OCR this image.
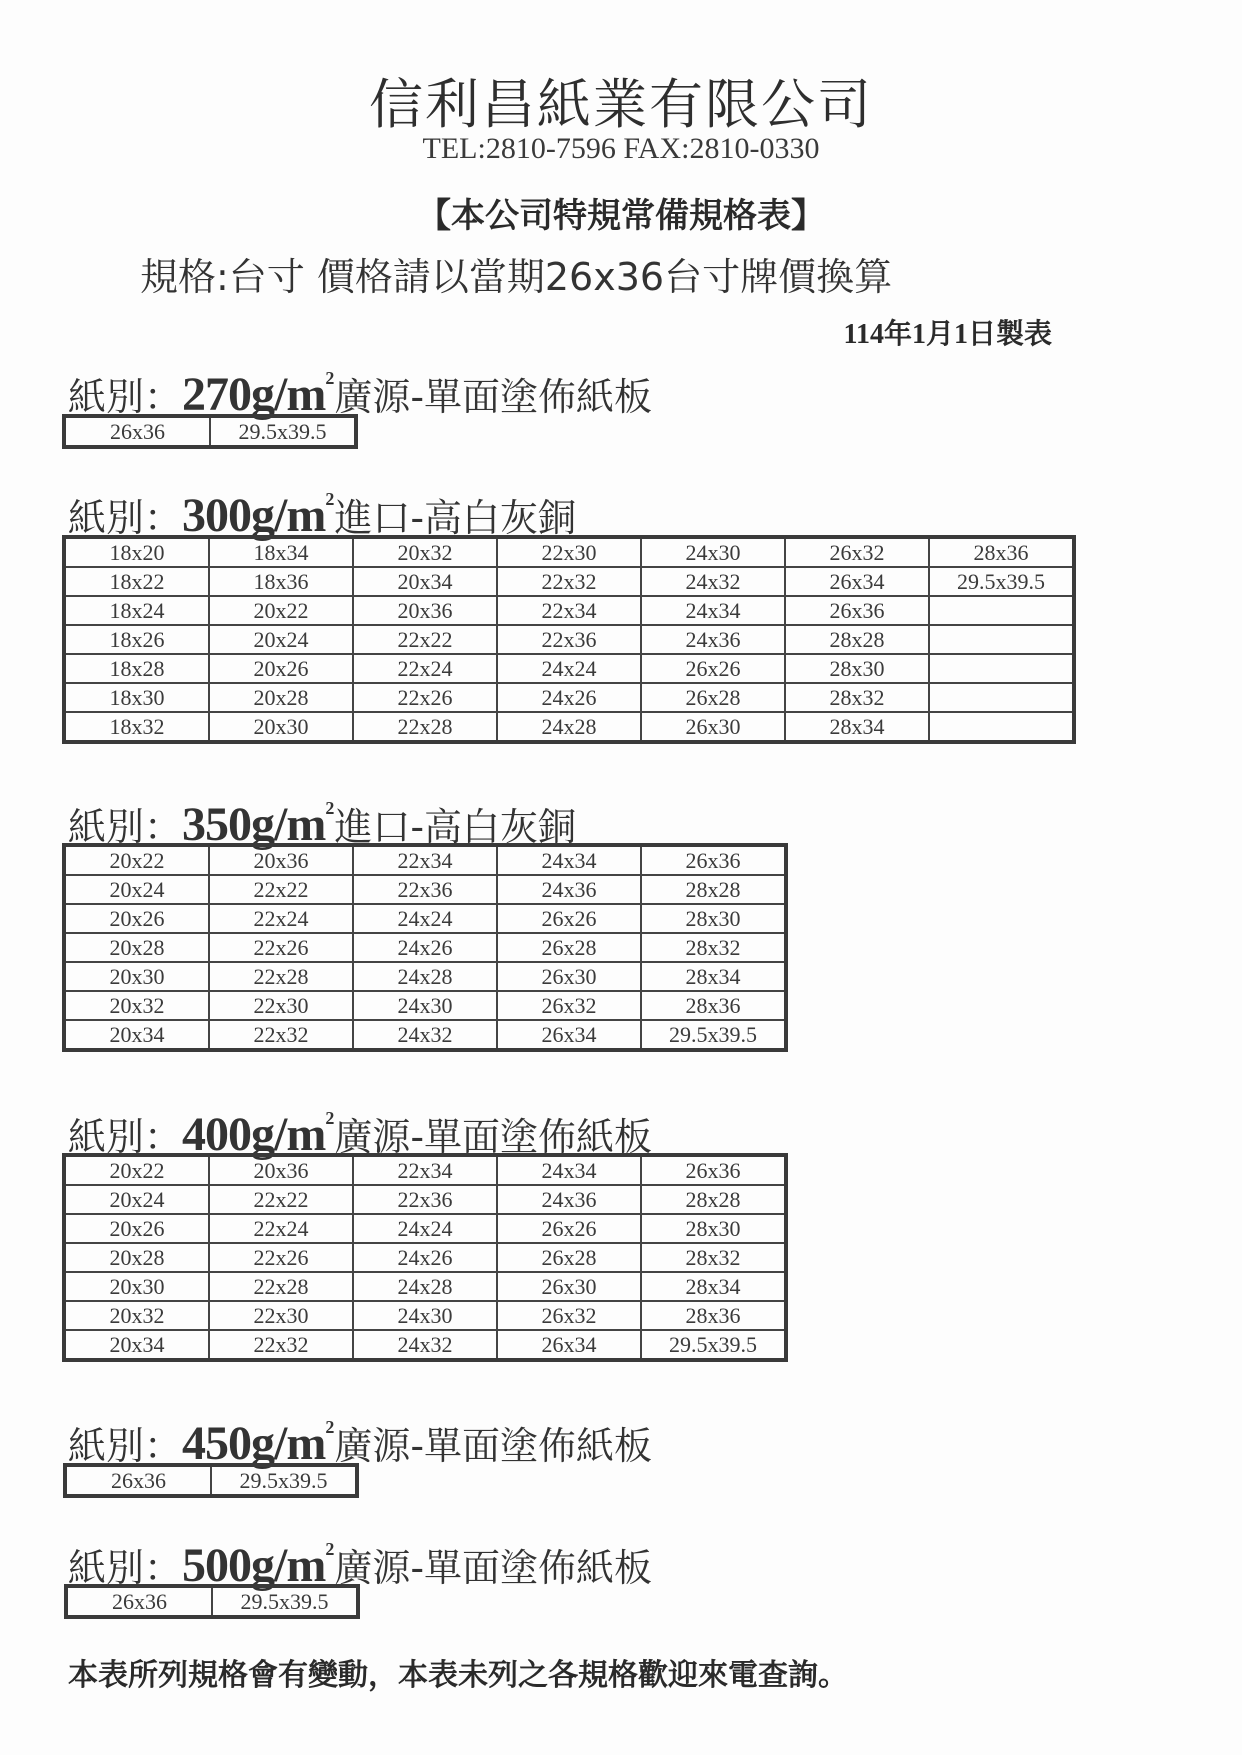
信利昌紙業有限公司
TEL:2810-7596 FAX:2810-0330
【本公司特規常備規格表】
規格:台寸 價格請以當期26x36台寸牌價換算
114年1月1日製表
紙別：$270g/m^2$廣源-單面塗佈紙板
26x36	29.5x39.5
紙別：$300g/m^2$進口-高白灰銅
18x20	18x34	20x32	22x30	24x30	26x32	28x36
18x22	18x36	20x34	22x32	24x32	26x34	29.5x39.5
18x24	20x22	20x36	22x34	24x34	26x36	
18x26	20x24	22x22	22x36	24x36	28x28	
18x28	20x26	22x24	24x24	26x26	28x30	
18x30	20x28	22x26	24x26	26x28	28x32	
18x32	20x30	22x28	24x28	26x30	28x34	
紙別：$350g/m^2$進口-高白灰銅
20x22	20x36	22x34	24x34	26x36
20x24	22x22	22x36	24x36	28x28
20x26	22x24	24x24	26x26	28x30
20x28	22x26	24x26	26x28	28x32
20x30	22x28	24x28	26x30	28x34
20x32	22x30	24x30	26x32	28x36
20x34	22x32	24x32	26x34	29.5x39.5
紙別：$400g/m^2$廣源-單面塗佈紙板
20x22	20x36	22x34	24x34	26x36
20x24	22x22	22x36	24x36	28x28
20x26	22x24	24x24	26x26	28x30
20x28	22x26	24x26	26x28	28x32
20x30	22x28	24x28	26x30	28x34
20x32	22x30	24x30	26x32	28x36
20x34	22x32	24x32	26x34	29.5x39.5
紙別：$450g/m^2$廣源-單面塗佈紙板
26x36	29.5x39.5
紙別：$500g/m^2$廣源-單面塗佈紙板
26x36	29.5x39.5
本表所列規格會有變動，本表未列之各規格歡迎來電查詢。
